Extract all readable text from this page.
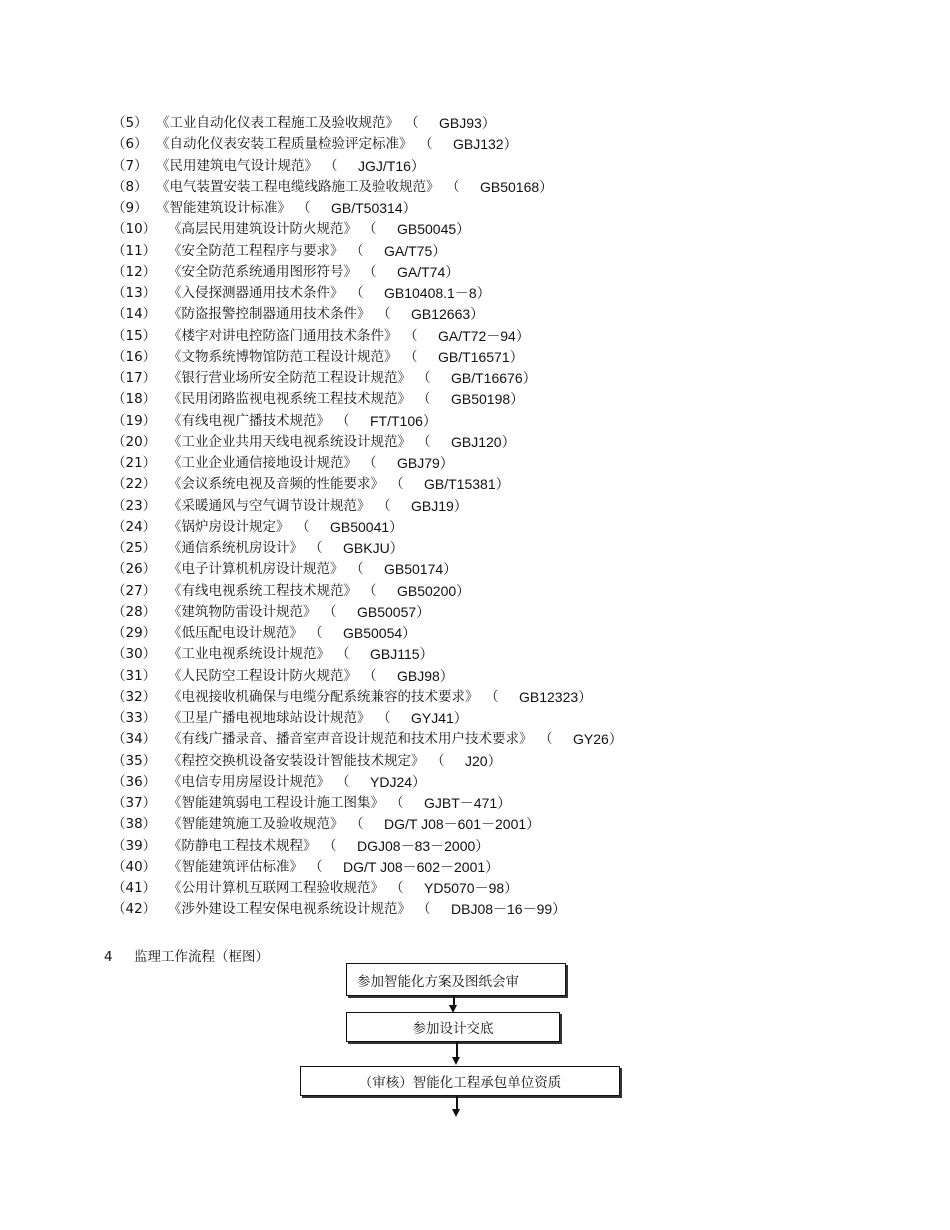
（5） 《工业自动化仪表工程施工及验收规范》 （ GBJ93）
（6） 《自动化仪表安装工程质量检验评定标准》 （ GBJ132）
（7） 《民用建筑电气设计规范》 （ JGJ/T16）
（8） 《电气装置安装工程电缆线路施工及验收规范》 （ GB50168）
（9） 《智能建筑设计标准》 （ GB/T50314）
（10） 《高层民用建筑设计防火规范》 （ GB50045）
（11） 《安全防范工程程序与要求》 （ GA/T75）
（12） 《安全防范系统通用图形符号》 （ GA/T74）
（13） 《入侵探测器通用技术条件》 （ GB10408.1－8）
（14） 《防盗报警控制器通用技术条件》 （ GB12663）
（15） 《楼宇对讲电控防盗门通用技术条件》 （ GA/T72－94）
（16） 《文物系统博物馆防范工程设计规范》 （ GB/T16571）
（17） 《银行营业场所安全防范工程设计规范》 （ GB/T16676）
（18） 《民用闭路监视电视系统工程技术规范》 （ GB50198）
（19） 《有线电视广播技术规范》 （ FT/T106）
（20） 《工业企业共用天线电视系统设计规范》 （ GBJ120）
（21） 《工业企业通信接地设计规范》 （ GBJ79）
（22） 《会议系统电视及音频的性能要求》 （ GB/T15381）
（23） 《采暖通风与空气调节设计规范》 （ GBJ19）
（24） 《锅炉房设计规定》 （ GB50041）
（25） 《通信系统机房设计》 （ GBKJU）
（26） 《电子计算机机房设计规范》 （ GB50174）
（27） 《有线电视系统工程技术规范》 （ GB50200）
（28） 《建筑物防雷设计规范》 （ GB50057）
（29） 《低压配电设计规范》 （ GB50054）
（30） 《工业电视系统设计规范》 （ GBJ115）
（31） 《人民防空工程设计防火规范》 （ GBJ98）
（32） 《电视接收机确保与电缆分配系统兼容的技术要求》 （ GB12323）
（33） 《卫星广播电视地球站设计规范》 （ GYJ41）
（34） 《有线广播录音、播音室声音设计规范和技术用户技术要求》 （ GY26）
（35） 《程控交换机设备安装设计智能技术规定》 （ J20）
（36） 《电信专用房屋设计规范》 （ YDJ24）
（37） 《智能建筑弱电工程设计施工图集》 （ GJBT－471）
（38） 《智能建筑施工及验收规范》 （ DG/T J08－601－2001）
（39） 《防静电工程技术规程》 （ DGJ08－83－2000）
（40） 《智能建筑评估标准》 （ DG/T J08－602－2001）
（41） 《公用计算机互联网工程验收规范》 （ YD5070－98）
（42） 《涉外建设工程安保电视系统设计规范》 （ DBJ08－16－99）
4 监理工作流程（框图）
参加智能化方案及图纸会审
参加设计交底
（审核）智能化工程承包单位资质
